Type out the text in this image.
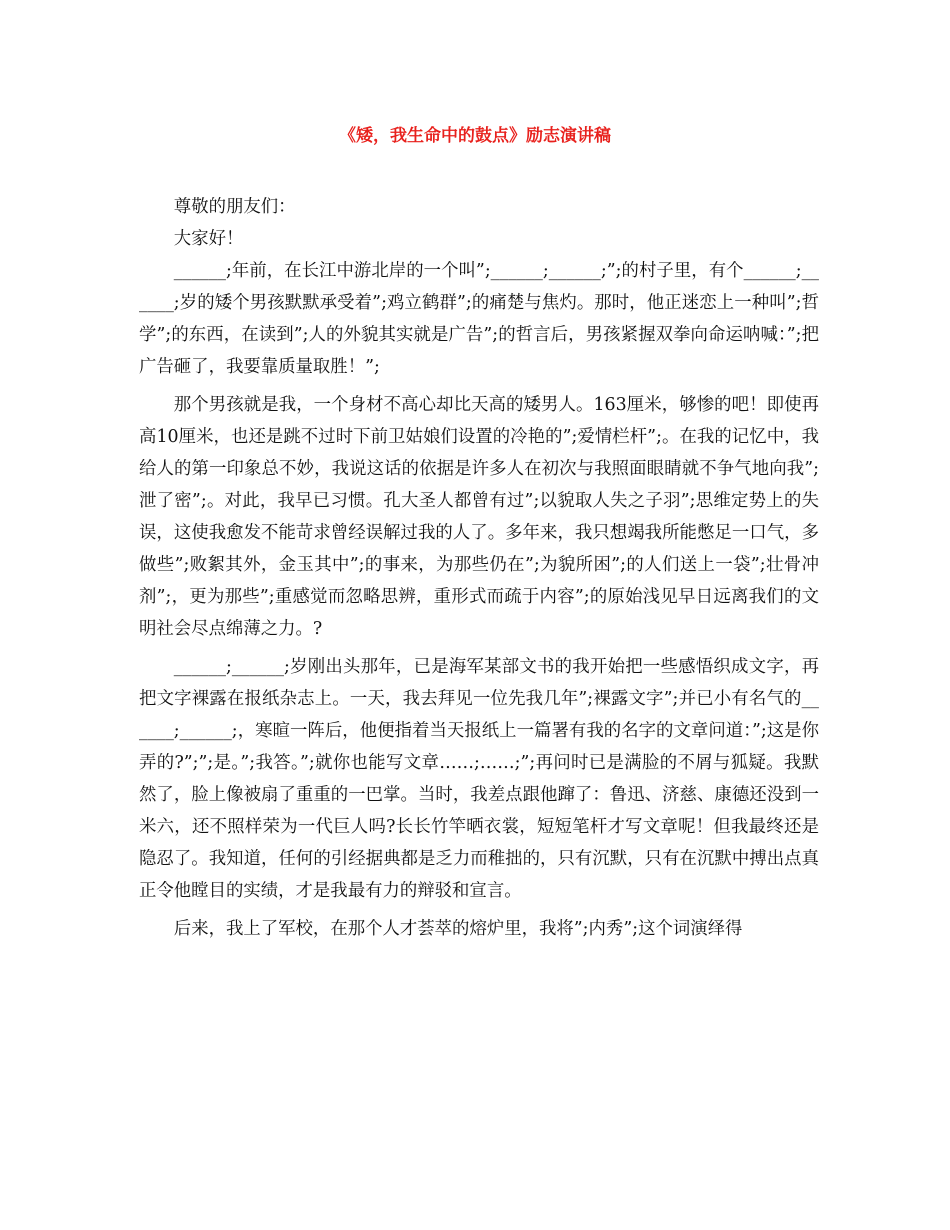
《矮，我生命中的鼓点》励志演讲稿

尊敬的朋友们：

大家好！

______;年前，在长江中游北岸的一个叫”;______;______;”;的村子里，有个______;______;岁的矮个男孩默默承受着”;鸡立鹤群”;的痛楚与焦灼。那时，他正迷恋上一种叫”;哲学”;的东西，在读到”;人的外貌其实就是广告”;的哲言后，男孩紧握双拳向命运呐喊：”;把广告砸了，我要靠质量取胜！”;

那个男孩就是我，一个身材不高心却比天高的矮男人。163厘米，够惨的吧！即使再高10厘米，也还是跳不过时下前卫姑娘们设置的冷艳的”;爱情栏杆”;。在我的记忆中，我给人的第一印象总不妙，我说这话的依据是许多人在初次与我照面眼睛就不争气地向我”;泄了密”;。对此，我早已习惯。孔大圣人都曾有过”;以貌取人失之子羽”;思维定势上的失误，这使我愈发不能苛求曾经误解过我的人了。多年来，我只想竭我所能憋足一口气，多做些”;败絮其外，金玉其中”;的事来，为那些仍在”;为貌所困”;的人们送上一袋”;壮骨冲剂”;，更为那些”;重感觉而忽略思辨，重形式而疏于内容”;的原始浅见早日远离我们的文明社会尽点绵薄之力。?

______;______;岁刚出头那年，已是海军某部文书的我开始把一些感悟织成文字，再把文字裸露在报纸杂志上。一天，我去拜见一位先我几年”;裸露文字”;并已小有名气的______;______;，寒暄一阵后，他便指着当天报纸上一篇署有我的名字的文章问道：”;这是你弄的?”;”;是。”;我答。”;就你也能写文章……;……;”;再问时已是满脸的不屑与狐疑。我默然了，脸上像被扇了重重的一巴掌。当时，我差点跟他蹿了：鲁迅、济慈、康德还没到一米六，还不照样荣为一代巨人吗?长长竹竿晒衣裳，短短笔杆才写文章呢！但我最终还是隐忍了。我知道，任何的引经据典都是乏力而稚拙的，只有沉默，只有在沉默中搏出点真正令他瞠目的实绩，才是我最有力的辩驳和宣言。

后来，我上了军校，在那个人才荟萃的熔炉里，我将”;内秀”;这个词演绎得
